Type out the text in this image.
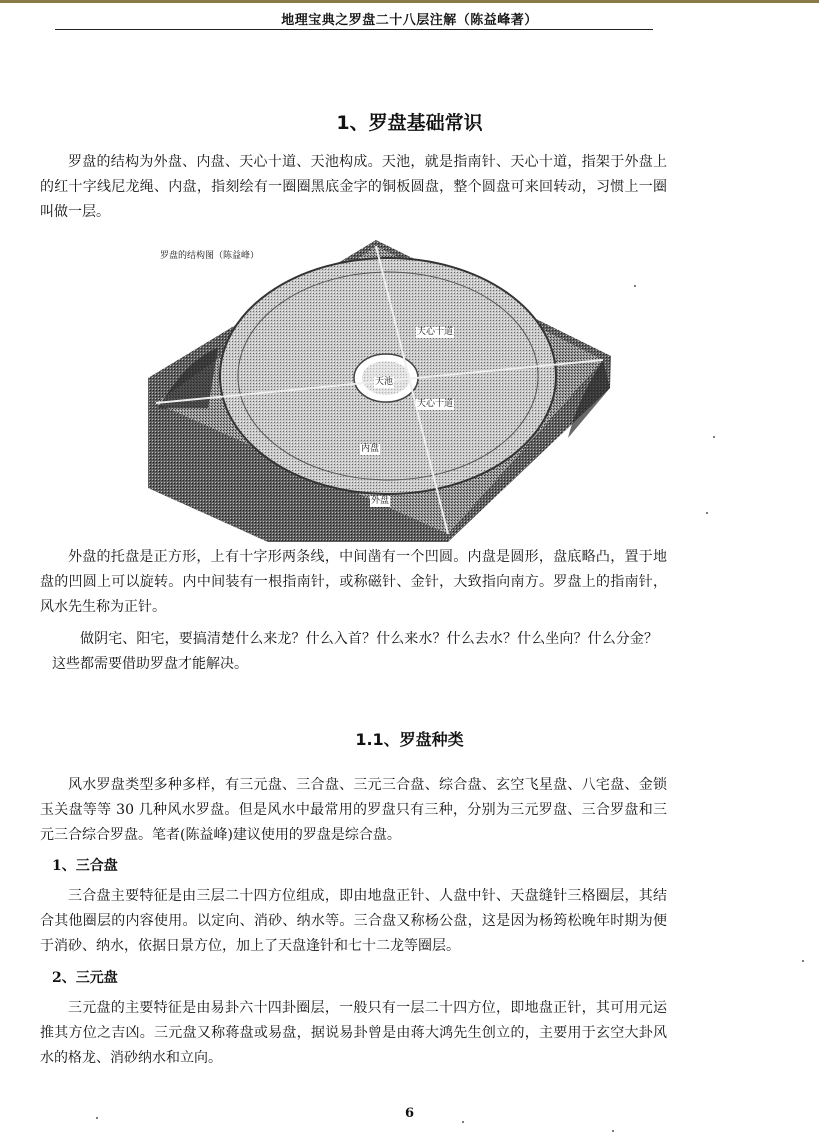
地理宝典之罗盘二十八层注解（陈益峰著）
1、罗盘基础常识

罗盘的结构为外盘、内盘、天心十道、天池构成。天池，就是指南针、天心十道，指架于外盘上的红十字线尼龙绳、内盘，指刻绘有一圈圈黑底金字的铜板圆盘，整个圆盘可来回转动，习惯上一圈叫做一层。

罗盘的结构图（陈益峰）
天心十道
天池
天心十道
内盘
外盘

外盘的托盘是正方形，上有十字形两条线，中间凿有一个凹圆。内盘是圆形，盘底略凸，置于地盘的凹圆上可以旋转。内中间装有一根指南针，或称磁针、金针，大致指向南方。罗盘上的指南针，风水先生称为正针。

做阴宅、阳宅，要搞清楚什么来龙？什么入首？什么来水？什么去水？什么坐向？什么分金？这些都需要借助罗盘才能解决。

1.1、罗盘种类

风水罗盘类型多种多样，有三元盘、三合盘、三元三合盘、综合盘、玄空飞星盘、八宅盘、金锁玉关盘等等 30 几种风水罗盘。但是风水中最常用的罗盘只有三种，分别为三元罗盘、三合罗盘和三元三合综合罗盘。笔者(陈益峰)建议使用的罗盘是综合盘。

1、三合盘

三合盘主要特征是由三层二十四方位组成，即由地盘正针、人盘中针、天盘缝针三格圈层，其结合其他圈层的内容使用。以定向、消砂、纳水等。三合盘又称杨公盘，这是因为杨筠松晚年时期为便于消砂、纳水，依据日景方位，加上了天盘逢针和七十二龙等圈层。

2、三元盘

三元盘的主要特征是由易卦六十四卦圈层，一般只有一层二十四方位，即地盘正针，其可用元运推其方位之吉凶。三元盘又称蒋盘或易盘，据说易卦曾是由蒋大鸿先生创立的，主要用于玄空大卦风水的格龙、消砂纳水和立向。

6
